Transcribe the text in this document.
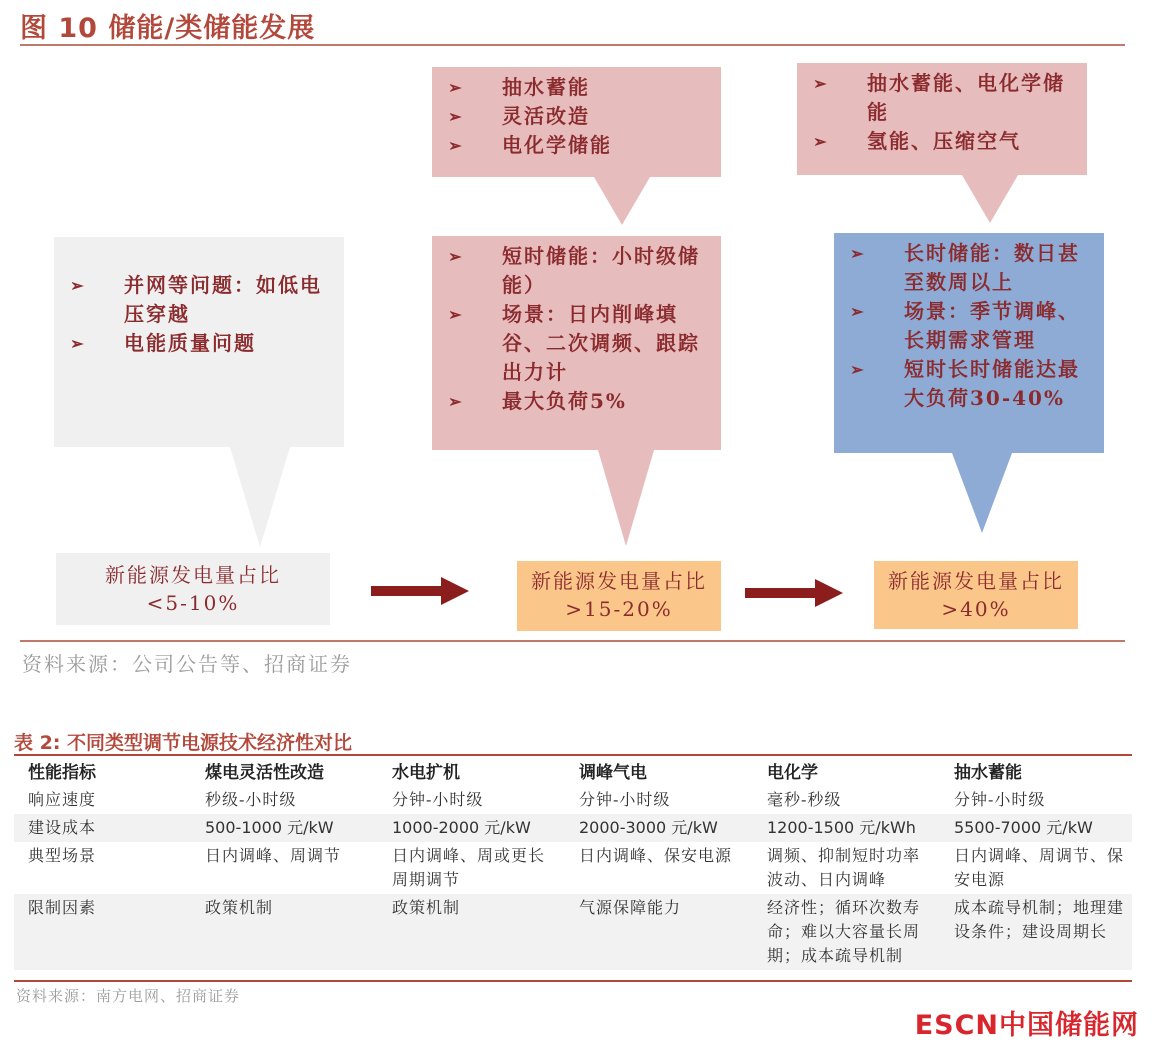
图 10 储能/类储能发展
➢ 并网等问题：如低电压穿越
➢ 电能质量问题
➢ 抽水蓄能
➢ 灵活改造
➢ 电化学储能
➢ 短时储能：小时级储能）
➢ 场景：日内削峰填谷、二次调频、跟踪出力计
➢ 最大负荷5%
➢ 抽水蓄能、电化学储能
➢ 氢能、压缩空气
➢ 长时储能：数日甚至数周以上
➢ 场景：季节调峰、长期需求管理
➢ 短时长时储能达最大负荷30-40%
新能源发电量占比
<5-10%
新能源发电量占比
>15-20%
新能源发电量占比
>40%
资料来源：公司公告等、招商证券
表 2: 不同类型调节电源技术经济性对比
性能指标	煤电灵活性改造	水电扩机	调峰气电	电化学	抽水蓄能
响应速度	秒级-小时级	分钟-小时级	分钟-小时级	毫秒-秒级	分钟-小时级
建设成本	500-1000 元/kW	1000-2000 元/kW	2000-3000 元/kW	1200-1500 元/kWh	5500-7000 元/kW
典型场景	日内调峰、周调节	日内调峰、周或更长周期调节	日内调峰、保安电源	调频、抑制短时功率波动、日内调峰	日内调峰、周调节、保安电源
限制因素	政策机制	政策机制	气源保障能力	经济性；循环次数寿命；难以大容量长周期；成本疏导机制	成本疏导机制；地理建设条件；建设周期长
资料来源：南方电网、招商证券
ESCN中国储能网
